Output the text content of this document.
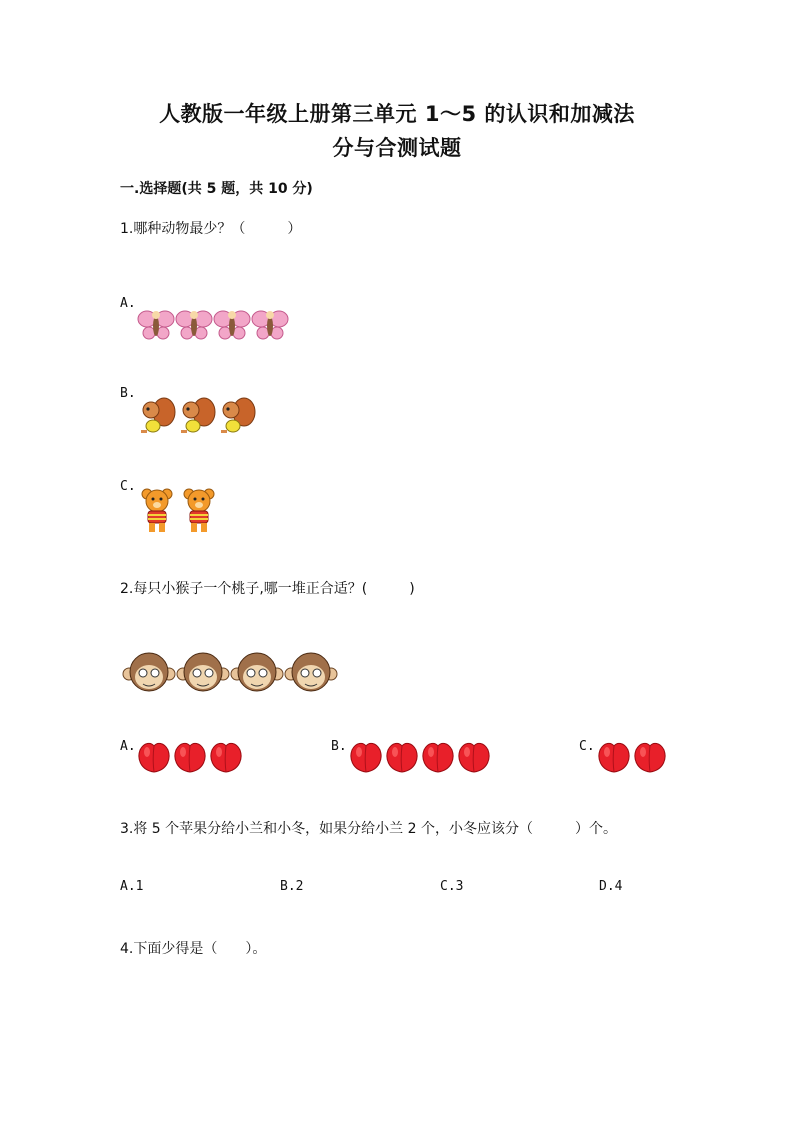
人教版一年级上册第三单元 1～5 的认识和加减法
分与合测试题
一.选择题(共 5 题，共 10 分)
1.哪种动物最少？（　　　）
A.
B.
C.
2.每只小猴子一个桃子,哪一堆正合适？(　　　)
A.	B.	C.
3.将 5 个苹果分给小兰和小冬，如果分给小兰 2 个，小冬应该分（　　　）个。
A.1	B.2	C.3	D.4
4.下面少得是（　　）。
